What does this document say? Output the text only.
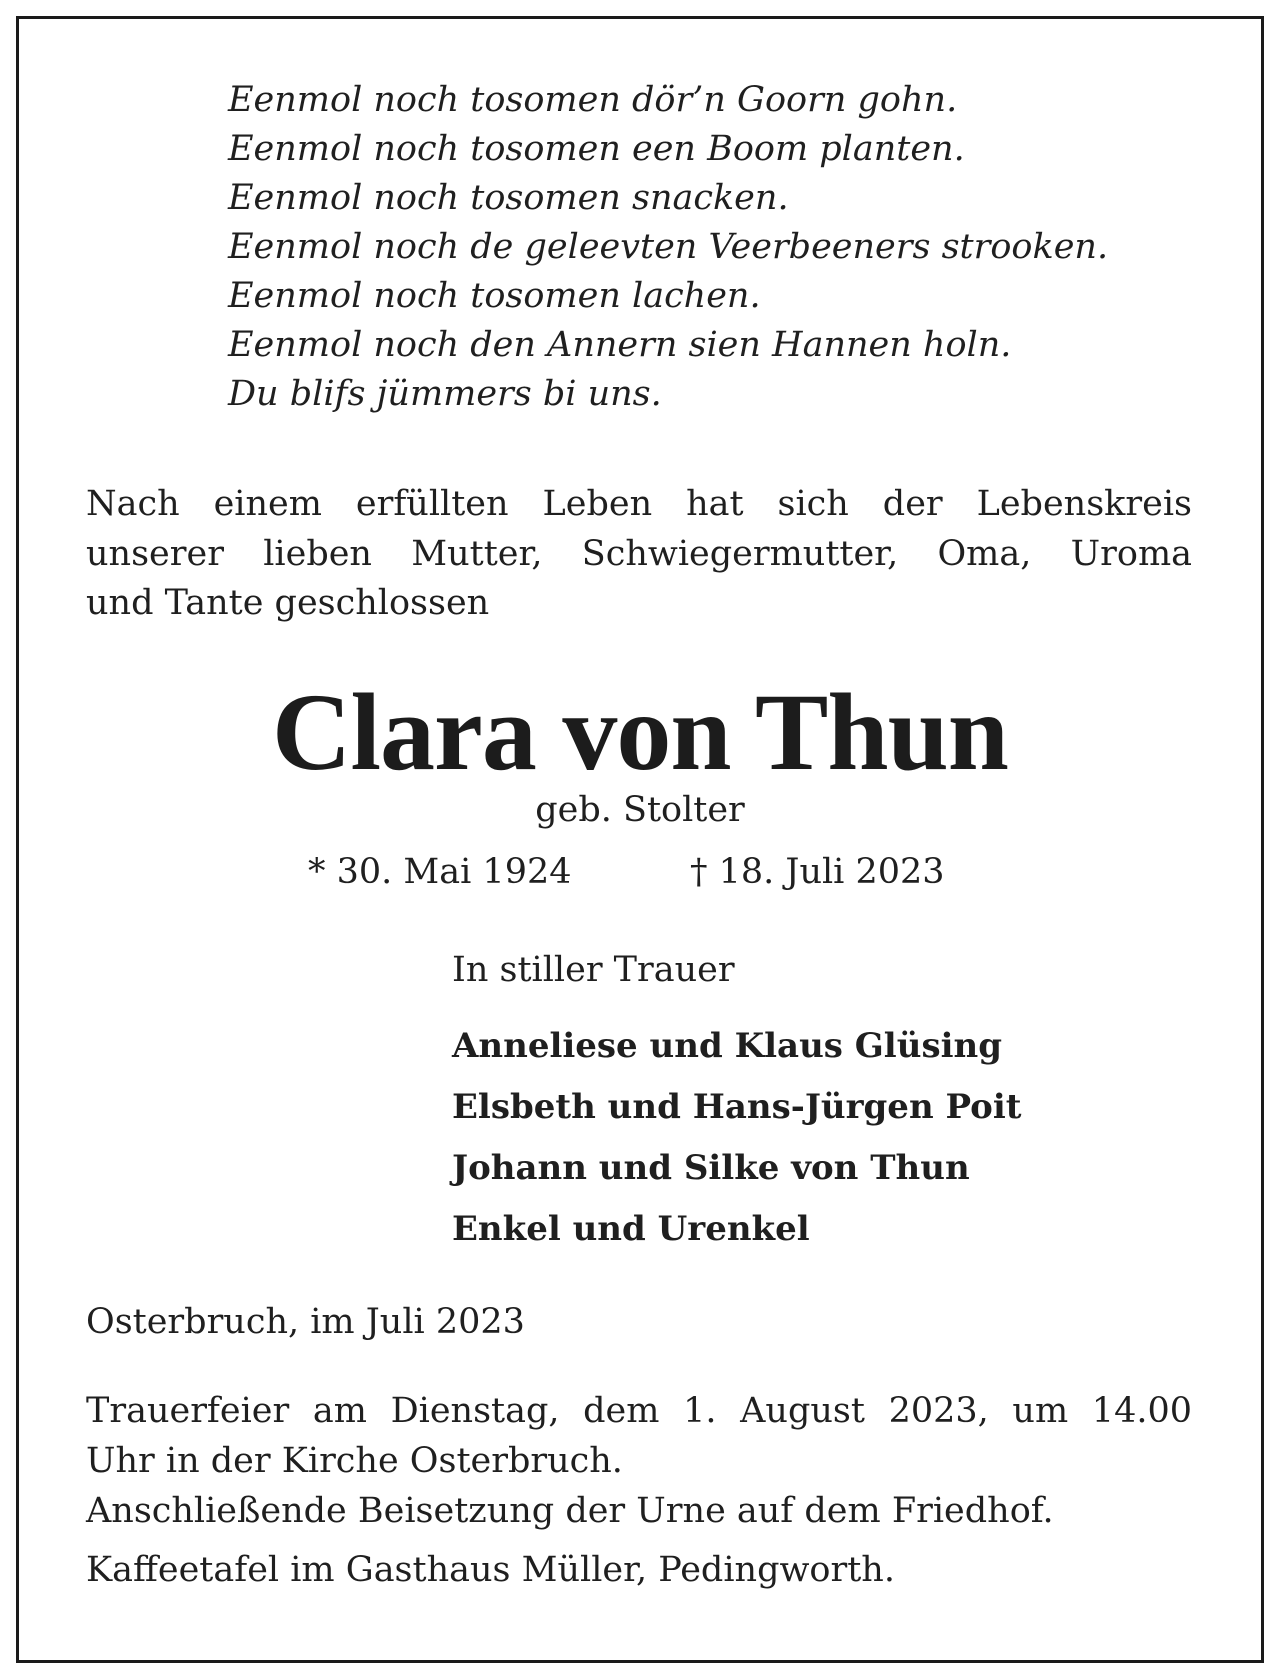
Eenmol noch tosomen dör’n Goorn gohn.
Eenmol noch tosomen een Boom planten.
Eenmol noch tosomen snacken.
Eenmol noch de geleevten Veerbeeners strooken.
Eenmol noch tosomen lachen.
Eenmol noch den Annern sien Hannen holn.
Du blifs jümmers bi uns.
Nach einem erfüllten Leben hat sich der Lebenskreis
unserer lieben Mutter, Schwiegermutter, Oma, Uroma
und Tante geschlossen
Clara von Thun
geb. Stolter
* 30. Mai 1924	† 18. Juli 2023
In stiller Trauer
Anneliese und Klaus Glüsing
Elsbeth und Hans-Jürgen Poit
Johann und Silke von Thun
Enkel und Urenkel
Osterbruch, im Juli 2023
Trauerfeier am Dienstag, dem 1. August 2023, um 14.00
Uhr in der Kirche Osterbruch.
Anschließende Beisetzung der Urne auf dem Friedhof.
Kaffeetafel im Gasthaus Müller, Pedingworth.
